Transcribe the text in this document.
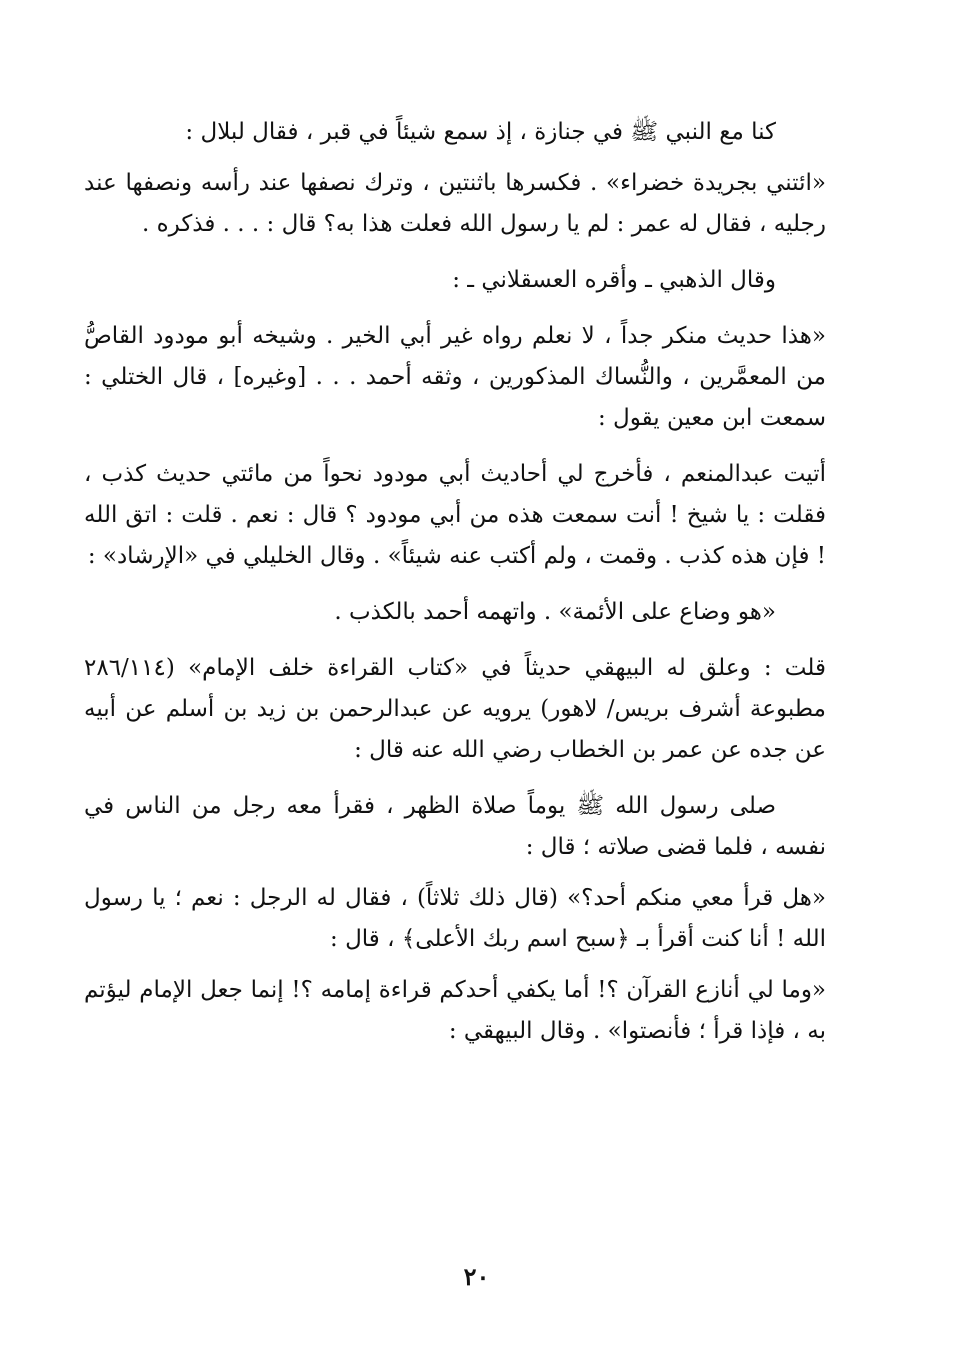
كنا مع النبي ﷺ في جنازة ، إذ سمع شيئاً في قبر ، فقال لبلال :

«ائتني بجريدة خضراء» . فكسرها باثنتين ، وترك نصفها عند رأسه ونصفها عند رجليه ، فقال له عمر : لم يا رسول الله فعلت هذا به؟ قال : . . . فذكره .

وقال الذهبي ـ وأقره العسقلاني ـ :

«هذا حديث منكر جداً ، لا نعلم رواه غير أبي الخير . وشيخه أبو مودود القاصُّ من المعمَّرين ، والنُّساك المذكورين ، وثقه أحمد . . . [وغيره] ، قال الختلي : سمعت ابن معين يقول :

أتيت عبدالمنعم ، فأخرج لي أحاديث أبي مودود نحواً من مائتي حديث كذب ، فقلت : يا شيخ ! أنت سمعت هذه من أبي مودود ؟ قال : نعم . قلت : اتق الله ! فإن هذه كذب . وقمت ، ولم أكتب عنه شيئاً» . وقال الخليلي في «الإرشاد» :

«هو وضاع على الأئمة» . واتهمه أحمد بالكذب .

قلت : وعلق له البيهقي حديثاً في «كتاب القراءة خلف الإمام» (٢٨٦/١١٤ مطبوعة أشرف بريس/ لاهور) يرويه عن عبدالرحمن بن زيد بن أسلم عن أبيه عن جده عن عمر بن الخطاب رضي الله عنه قال :

صلى رسول الله ﷺ يوماً صلاة الظهر ، فقرأ معه رجل من الناس في نفسه ، فلما قضى صلاته ؛ قال :

«هل قرأ معي منكم أحد؟» (قال ذلك ثلاثاً) ، فقال له الرجل : نعم ؛ يا رسول الله ! أنا كنت أقرأ بـ ﴿سبح اسم ربك الأعلى﴾ ، قال :

«وما لي أنازع القرآن ؟! أما يكفي أحدكم قراءة إمامه ؟! إنما جعل الإمام ليؤتم به ، فإذا قرأ ؛ فأنصتوا» . وقال البيهقي :

٢٠
